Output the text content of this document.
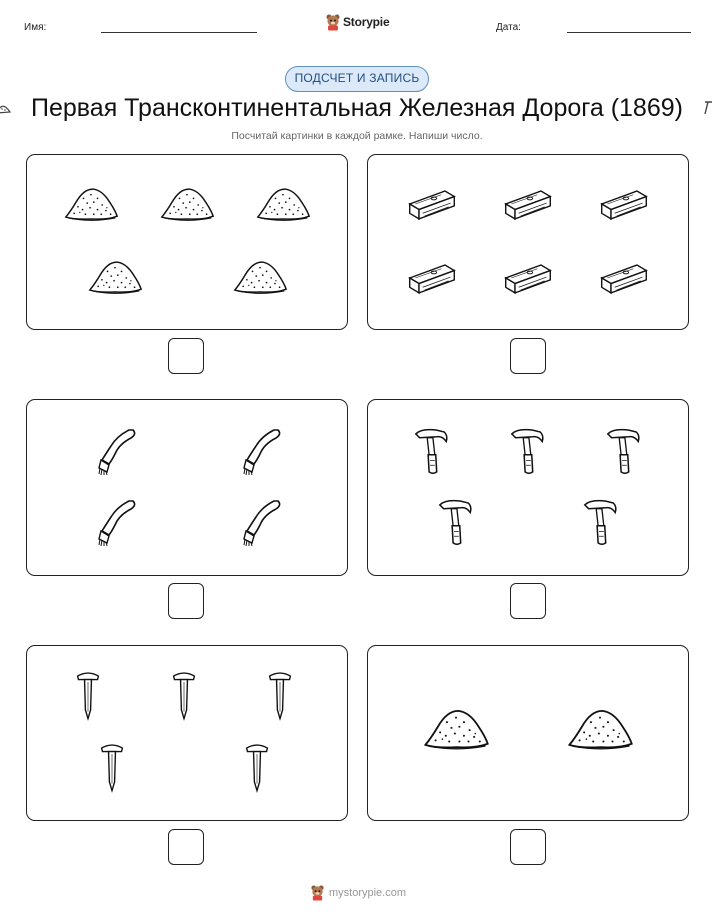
Имя:	Storypie	Дата:
ПОДСЧЕТ И ЗАПИСЬ
Первая Трансконтинентальная Железная Дорога (1869)
Посчитай картинки в каждой рамке. Напиши число.
mystorypie.com
